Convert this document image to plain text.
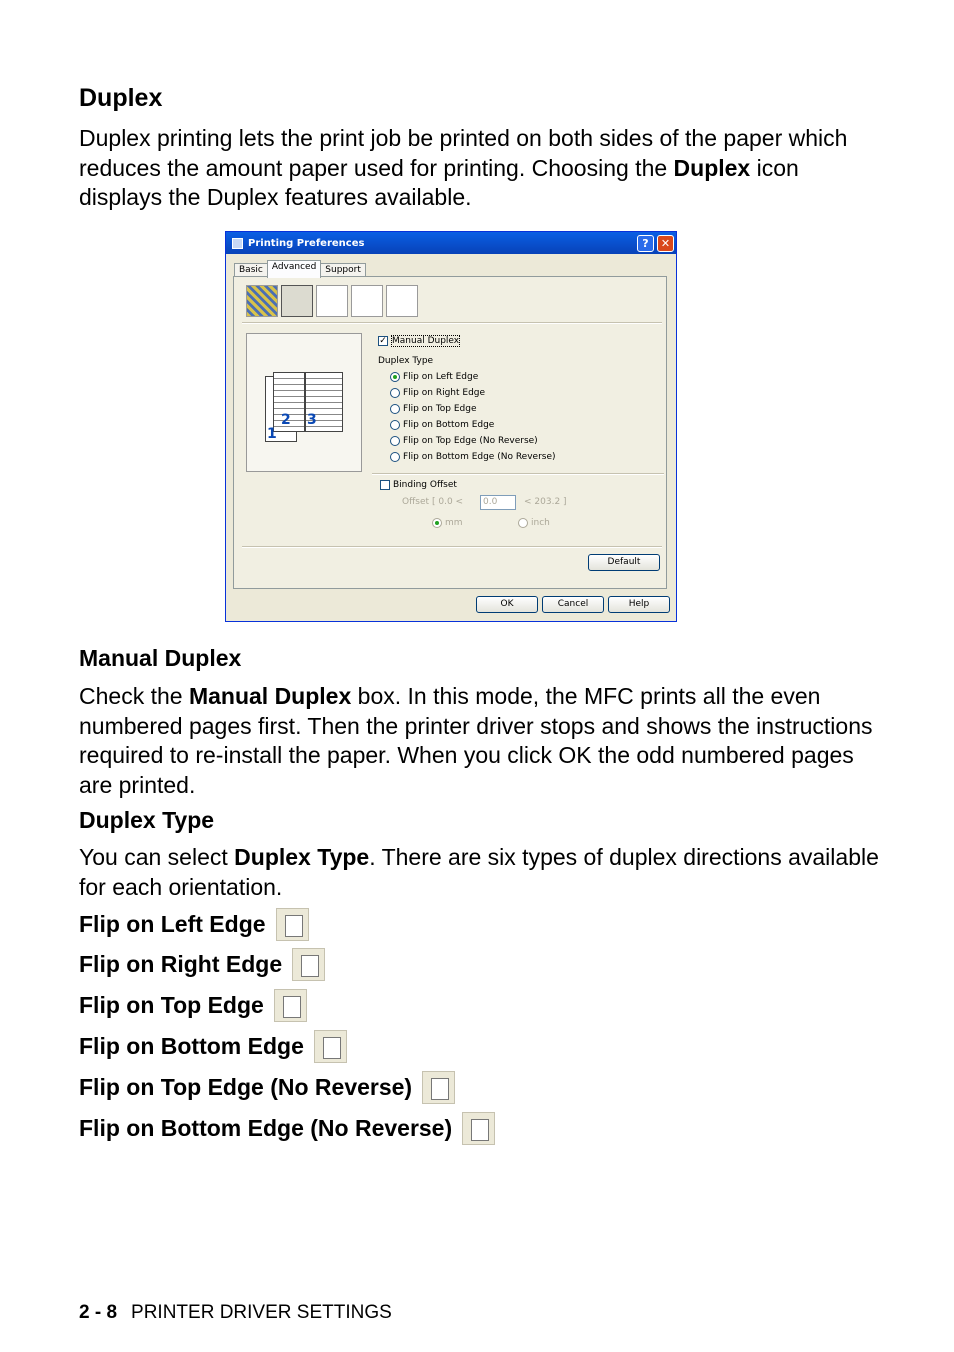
Duplex
Duplex printing lets the print job be printed on both sides of the paper which reduces the amount paper used for printing. Choosing the Duplex icon displays the Duplex features available.
Printing Preferences	?	✕
Basic	Advanced	Support
1
2 3
✓ Manual Duplex
Duplex Type
Flip on Left Edge
Flip on Right Edge
Flip on Top Edge
Flip on Bottom Edge
Flip on Top Edge (No Reverse)
Flip on Bottom Edge (No Reverse)
Binding Offset
Offset [ 0.0 <	0.0	< 203.2 ]
mm	inch
Default
OK	Cancel	Help
Manual Duplex
Check the Manual Duplex box. In this mode, the MFC prints all the even numbered pages first. Then the printer driver stops and shows the instructions required to re-install the paper. When you click OK the odd numbered pages are printed.
Duplex Type
You can select Duplex Type. There are six types of duplex directions available for each orientation.
Flip on Left Edge
Flip on Right Edge
Flip on Top Edge
Flip on Bottom Edge
Flip on Top Edge (No Reverse)
Flip on Bottom Edge (No Reverse)
2 - 8 PRINTER DRIVER SETTINGS
